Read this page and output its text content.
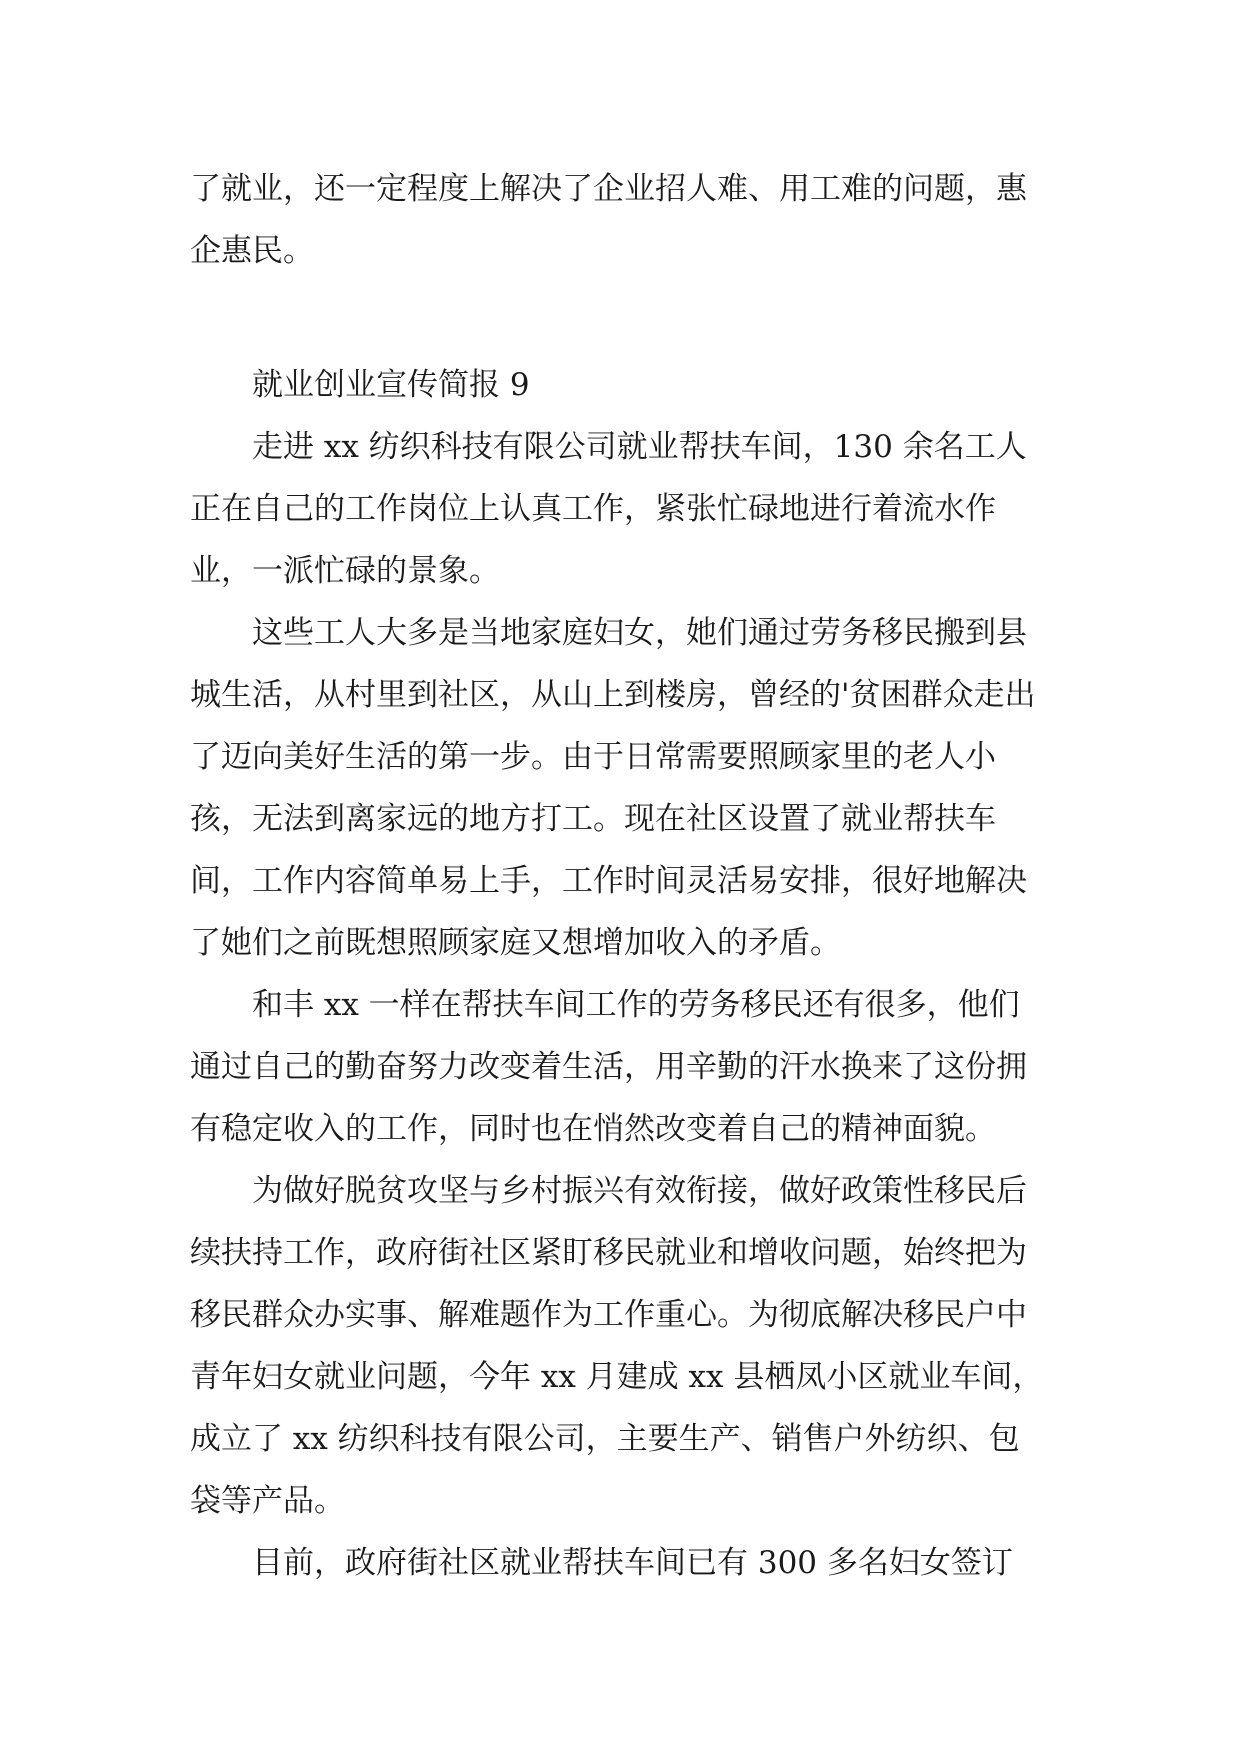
了就业，还一定程度上解决了企业招人难、用工难的问题，惠企惠民。

就业创业宣传简报 9

走进 xx 纺织科技有限公司就业帮扶车间，130 余名工人正在自己的工作岗位上认真工作，紧张忙碌地进行着流水作业，一派忙碌的景象。

这些工人大多是当地家庭妇女，她们通过劳务移民搬到县城生活，从村里到社区，从山上到楼房，曾经的'贫困群众走出了迈向美好生活的第一步。由于日常需要照顾家里的老人小孩，无法到离家远的地方打工。现在社区设置了就业帮扶车间，工作内容简单易上手，工作时间灵活易安排，很好地解决了她们之前既想照顾家庭又想增加收入的矛盾。

和丰 xx 一样在帮扶车间工作的劳务移民还有很多，他们通过自己的勤奋努力改变着生活，用辛勤的汗水换来了这份拥有稳定收入的工作，同时也在悄然改变着自己的精神面貌。

为做好脱贫攻坚与乡村振兴有效衔接，做好政策性移民后续扶持工作，政府街社区紧盯移民就业和增收问题，始终把为移民群众办实事、解难题作为工作重心。为彻底解决移民户中青年妇女就业问题，今年 xx 月建成 xx 县栖凤小区就业车间，成立了 xx 纺织科技有限公司，主要生产、销售户外纺织、包袋等产品。

目前，政府街社区就业帮扶车间已有 300 多名妇女签订
